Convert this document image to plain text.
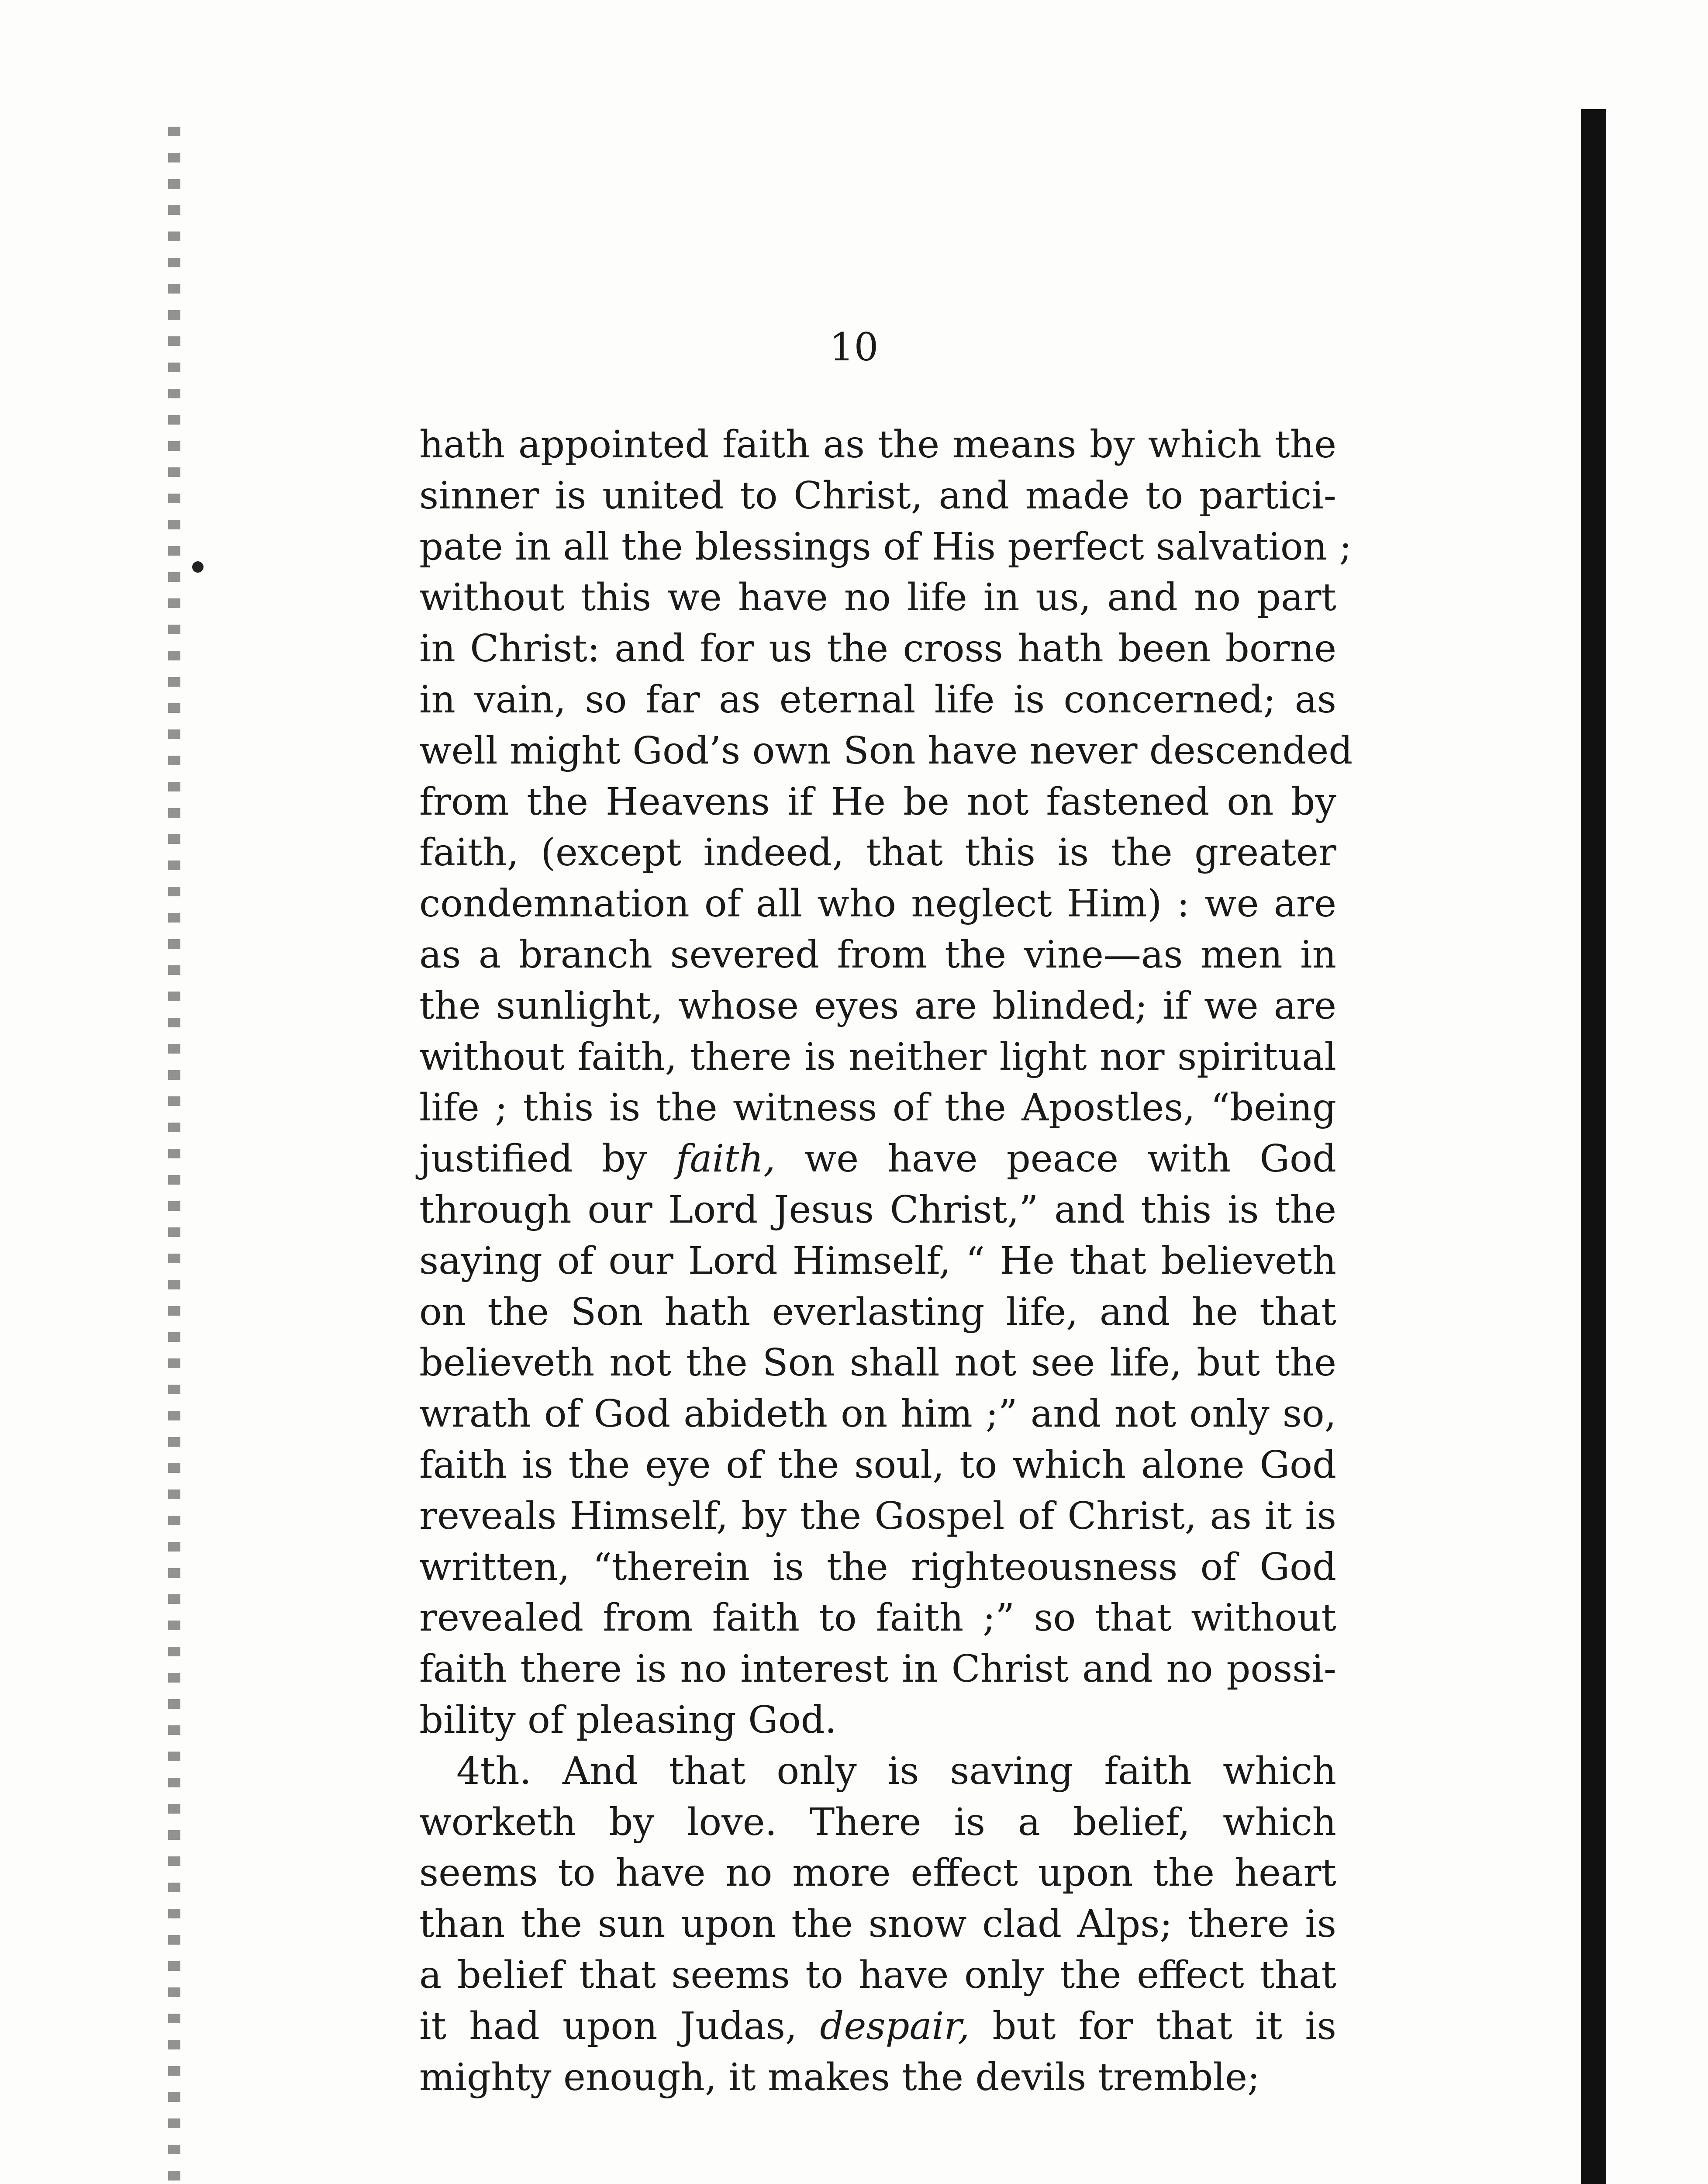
10
hath appointed faith as the means by which the
sinner is united to Christ, and made to partici-
pate in all the blessings of His perfect salvation ;
without this we have no life in us, and no part
in Christ: and for us the cross hath been borne
in vain, so far as eternal life is concerned; as
well might God’s own Son have never descended
from the Heavens if He be not fastened on by
faith, (except indeed, that this is the greater
condemnation of all who neglect Him) : we are
as a branch severed from the vine—as men in
the sunlight, whose eyes are blinded; if we are
without faith, there is neither light nor spiritual
life ; this is the witness of the Apostles, “being
justified by faith, we have peace with God
through our Lord Jesus Christ,” and this is the
saying of our Lord Himself, “ He that believeth
on the Son hath everlasting life, and he that
believeth not the Son shall not see life, but the
wrath of God abideth on him ;” and not only so,
faith is the eye of the soul, to which alone God
reveals Himself, by the Gospel of Christ, as it is
written, “therein is the righteousness of God
revealed from faith to faith ;” so that without
faith there is no interest in Christ and no possi-
bility of pleasing God.
4th. And that only is saving faith which
worketh by love. There is a belief, which
seems to have no more effect upon the heart
than the sun upon the snow clad Alps; there is
a belief that seems to have only the effect that
it had upon Judas, despair, but for that it is
mighty enough, it makes the devils tremble;
